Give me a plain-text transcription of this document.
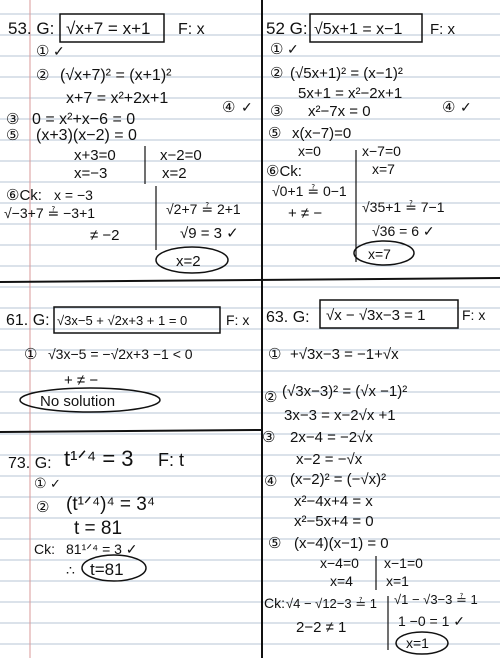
53. G: √x+7 = x+1 F: x
① ✓
② (√x+7)² = (x+1)²
x+7 = x²+2x+1
③ 0 = x²+x−6 = 0
④ ✓
⑤ (x+3)(x−2) = 0
x+3=0
x=−3
x−2=0
x=2
⑥Ck: x = −3
√−3+7 ≟ −3+1
≠ −2
√2+7 ≟ 2+1
√9 = 3 ✓
x=2
52 G: √5x+1 = x−1 F: x
① ✓
② (√5x+1)² = (x−1)²
5x+1 = x²−2x+1
③ x²−7x = 0	④ ✓
⑤ x(x−7)=0
⑥Ck:
x=0	x−7=0
x=7
√0+1 ≟ 0−1
+ ≠ −	√35+1 ≟ 7−1
√36 = 6 ✓
x=7
61. G: √3x−5 + √2x+3 + 1 = 0	F: x
① √3x−5 = −√2x+3 −1 < 0
+ ≠ −
No solution
63. G: √x − √3x−3 = 1	F: x
① +√3x−3 = −1+√x
② (√3x−3)² = (√x −1)²
3x−3 = x−2√x +1
③ 2x−4 = −2√x
x−2 = −√x
④ (x−2)² = (−√x)²
x²−4x+4 = x
x²−5x+4 = 0
⑤ (x−4)(x−1) = 0
x−4=0
x=4
x−1=0
x=1
Ck: √4 − √12−3 ≟ 1
2−2 ≠ 1
√1 − √3−3 ≟ 1
1 −0 = 1 ✓
x=1
73. G: t¹ᐟ⁴ = 3 F: t
① ✓
② (t¹ᐟ⁴)⁴ = 3⁴
t = 81
Ck: 81¹ᐟ⁴ = 3 ✓
∴ t=81
